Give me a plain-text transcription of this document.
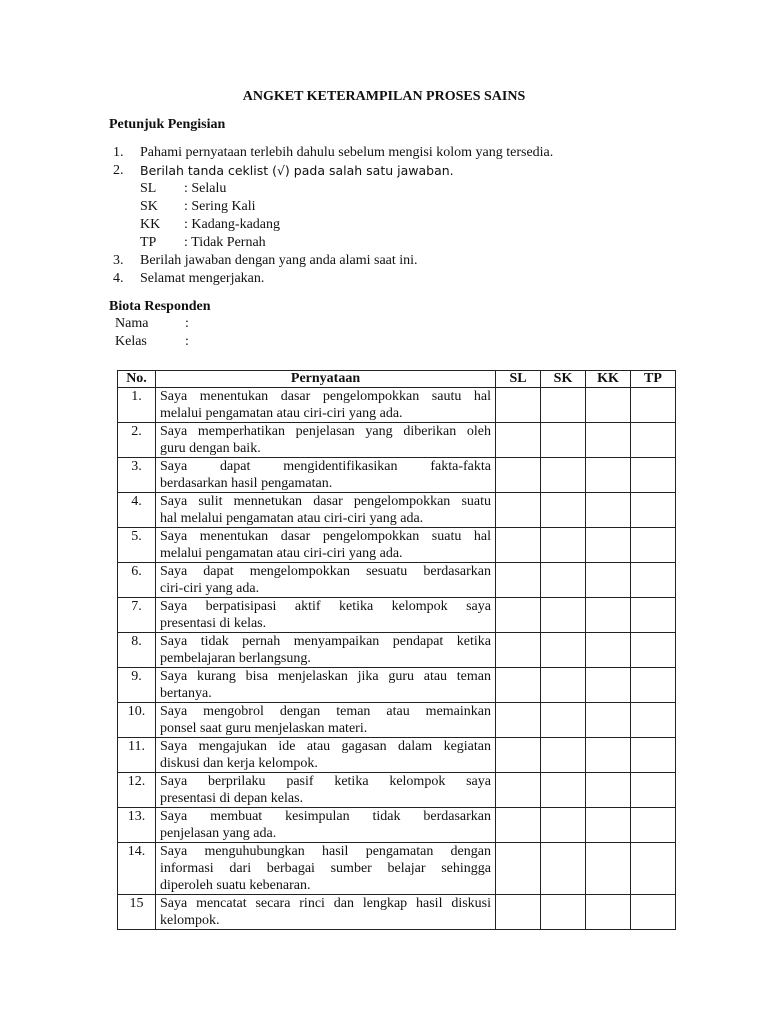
ANGKET KETERAMPILAN PROSES SAINS
Petunjuk Pengisian
1.	Pahami pernyataan terlebih dahulu sebelum mengisi kolom yang tersedia.
2.	Berilah tanda ceklist (√) pada salah satu jawaban.
SL	: Selalu
SK	: Sering Kali
KK	: Kadang-kadang
TP	: Tidak Pernah
3.	Berilah jawaban dengan yang anda alami saat ini.
4.	Selamat mengerjakan.
Biota Responden
Nama	:
Kelas	:
No.	Pernyataan	SL	SK	KK	TP
1.	Saya menentukan dasar pengelompokkan sautu hal
melalui pengamatan atau ciri-ciri yang ada.				

2.	Saya memperhatikan penjelasan yang diberikan oleh
guru dengan baik.				

3.	Saya dapat mengidentifikasikan fakta-fakta
berdasarkan hasil pengamatan.				

4.	Saya sulit mennetukan dasar pengelompokkan suatu
hal melalui pengamatan atau ciri-ciri yang ada.				

5.	Saya menentukan dasar pengelompokkan suatu hal
melalui pengamatan atau ciri-ciri yang ada.				

6.	Saya dapat mengelompokkan sesuatu berdasarkan
ciri-ciri yang ada.				

7.	Saya berpatisipasi aktif ketika kelompok saya
presentasi di kelas.				

8.	Saya tidak pernah menyampaikan pendapat ketika
pembelajaran berlangsung.				

9.	Saya kurang bisa menjelaskan jika guru atau teman
bertanya.				

10.	Saya mengobrol dengan teman atau memainkan
ponsel saat guru menjelaskan materi.				

11.	Saya mengajukan ide atau gagasan dalam kegiatan
diskusi dan kerja kelompok.				

12.	Saya berprilaku pasif ketika kelompok saya
presentasi di depan kelas.				

13.	Saya membuat kesimpulan tidak berdasarkan
penjelasan yang ada.				

14.	Saya menguhubungkan hasil pengamatan dengan
informasi dari berbagai sumber belajar sehingga
diperoleh suatu kebenaran.				

15	Saya mencatat secara rinci dan lengkap hasil diskusi
kelompok.				
